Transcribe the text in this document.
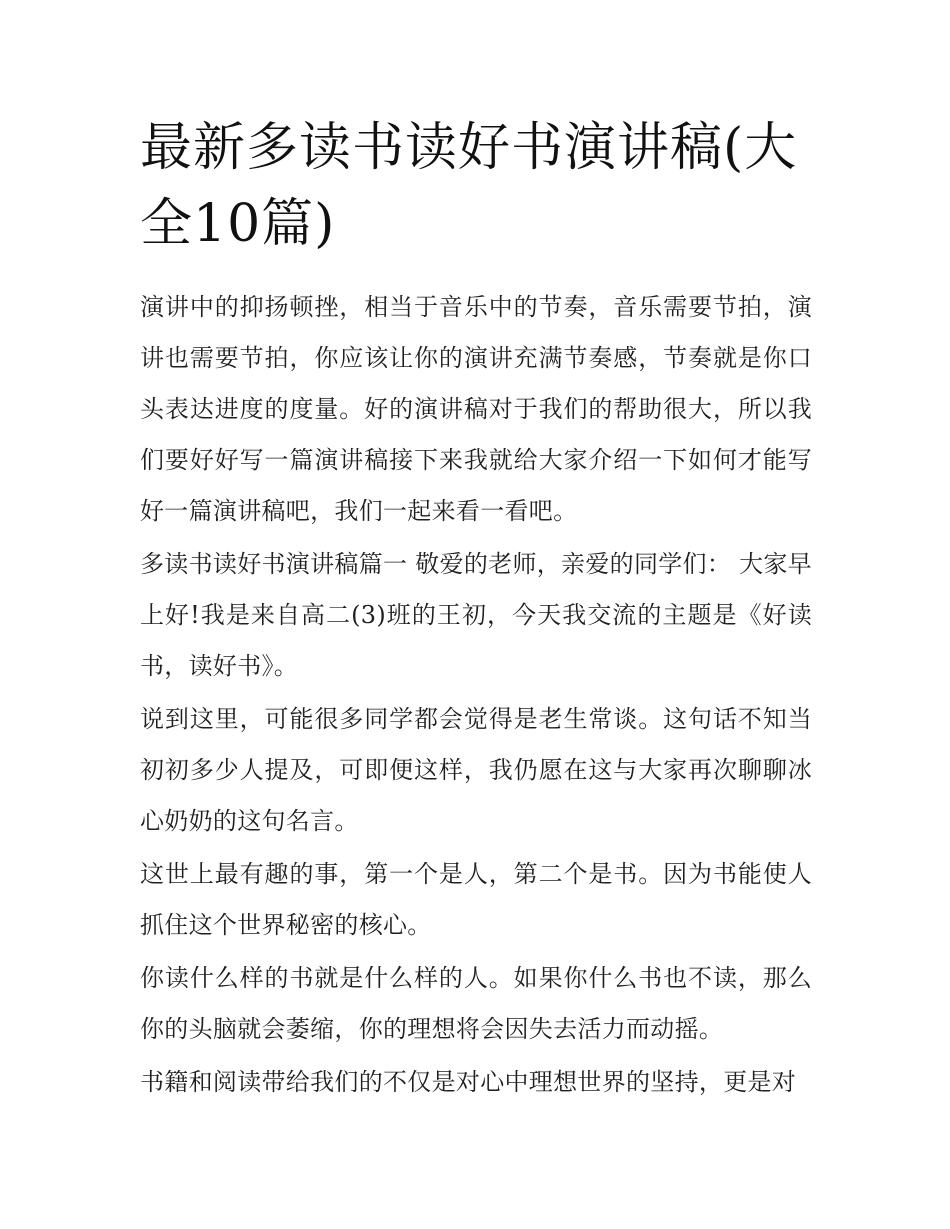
最新多读书读好书演讲稿(大全10篇)

演讲中的抑扬顿挫，相当于音乐中的节奏，音乐需要节拍，演讲也需要节拍，你应该让你的演讲充满节奏感，节奏就是你口头表达进度的度量。好的演讲稿对于我们的帮助很大，所以我们要好好写一篇演讲稿接下来我就给大家介绍一下如何才能写好一篇演讲稿吧，我们一起来看一看吧。

多读书读好书演讲稿篇一 敬爱的老师，亲爱的同学们： 大家早上好!我是来自高二(3)班的王初，今天我交流的主题是《好读书，读好书》。

说到这里，可能很多同学都会觉得是老生常谈。这句话不知当初初多少人提及，可即便这样，我仍愿在这与大家再次聊聊冰心奶奶的这句名言。

这世上最有趣的事，第一个是人，第二个是书。因为书能使人抓住这个世界秘密的核心。

你读什么样的书就是什么样的人。如果你什么书也不读，那么你的头脑就会萎缩，你的理想将会因失去活力而动摇。

书籍和阅读带给我们的不仅是对心中理想世界的坚持，更是对
